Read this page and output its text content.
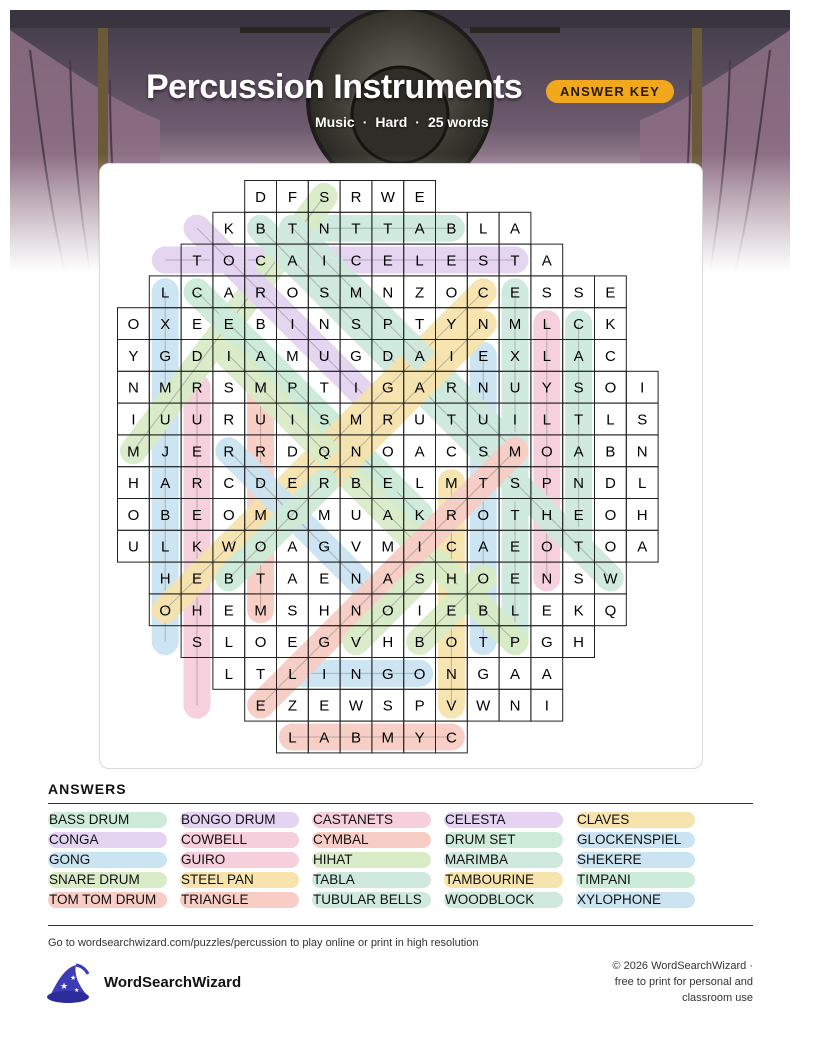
Percussion Instruments	ANSWER KEY
Music · Hard · 25 words
D F S R W E
K B T N T T A B L A
T O C A I C E L E S T A
L C A R O S M N Z O C E S S E
O X E E B I N S P T Y N M L C K
Y G D I A M U G D A I E X L A C
N M R S M P T I G A R N U Y S O I
I U U R U I S M R U T U I L T L S
M J E R R D Q N O A C S M O A B N
H A R C D E R B E L M T S P N D L
O B E O M O M U A K R O T H E O H
U L K W O A G V M I C A E O T O A
H E B T A E N A S H O E N S W
O H E M S H N O I E B L E K Q
S L O E G V H B O T P G H
L T L I N G O N G A A
E Z E W S P V W N I
L A B M Y C
ANSWERS
BASS DRUM	BONGO DRUM	CASTANETS	CELESTA	CLAVES
CONGA	COWBELL	CYMBAL	DRUM SET	GLOCKENSPIEL
GONG	GUIRO	HIHAT	MARIMBA	SHEKERE
SNARE DRUM	STEEL PAN	TABLA	TAMBOURINE	TIMPANI
TOM TOM DRUM	TRIANGLE	TUBULAR BELLS	WOODBLOCK	XYLOPHONE
Go to wordsearchwizard.com/puzzles/percussion to play online or print in high resolution
★
★
★ WordSearchWizard
© 2026 WordSearchWizard ·
free to print for personal and
classroom use
